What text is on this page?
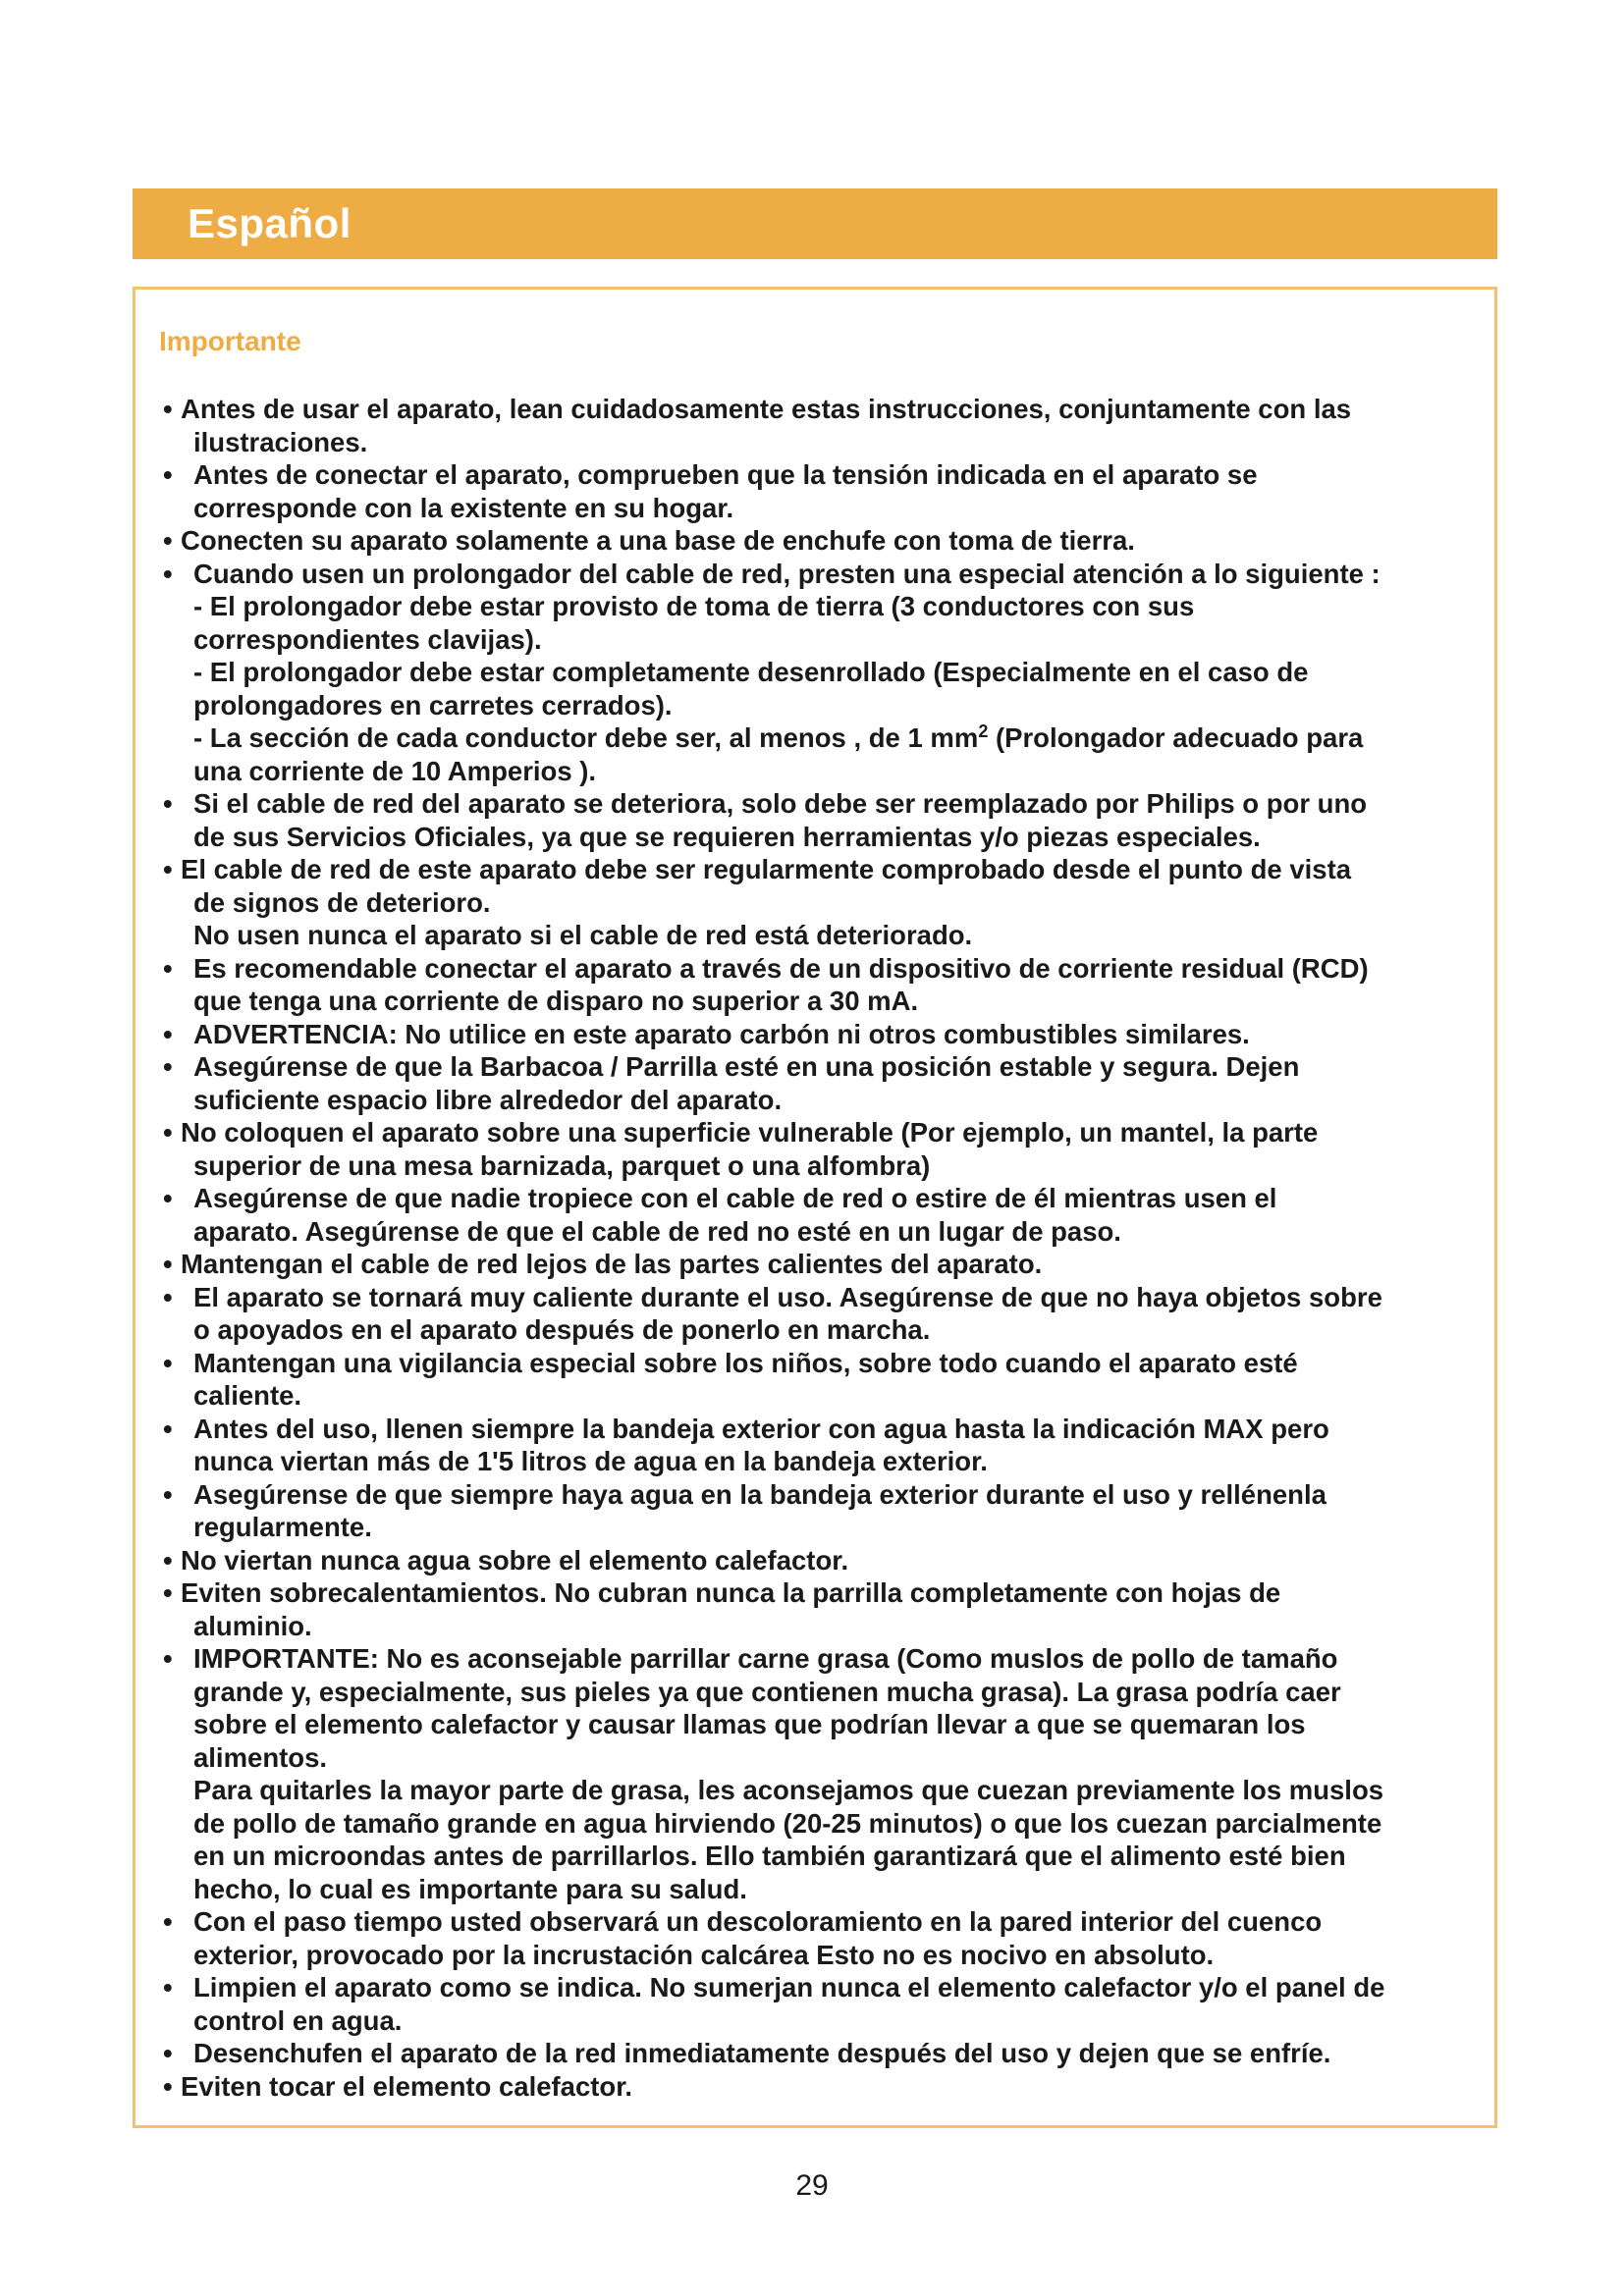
Español
Importante
• Antes de usar el aparato, lean cuidadosamente estas instrucciones, conjuntamente con las
ilustraciones.
• Antes de conectar el aparato, comprueben que la tensión indicada en el aparato se
corresponde con la existente en su hogar.
• Conecten su aparato solamente a una base de enchufe con toma de tierra.
• Cuando usen un prolongador del cable de red, presten una especial atención a lo siguiente :
- El prolongador debe estar provisto de toma de tierra (3 conductores con sus
correspondientes clavijas).
- El prolongador debe estar completamente desenrollado (Especialmente en el caso de
prolongadores en carretes cerrados).
- La sección de cada conductor debe ser, al menos , de 1 $mm^2$ (Prolongador adecuado para
una corriente de 10 Amperios ).
• Si el cable de red del aparato se deteriora, solo debe ser reemplazado por Philips o por uno
de sus Servicios Oficiales, ya que se requieren herramientas y/o piezas especiales.
• El cable de red de este aparato debe ser regularmente comprobado desde el punto de vista
de signos de deterioro.
No usen nunca el aparato si el cable de red está deteriorado.
• Es recomendable conectar el aparato a través de un dispositivo de corriente residual (RCD)
que tenga una corriente de disparo no superior a 30 mA.
• ADVERTENCIA: No utilice en este aparato carbón ni otros combustibles similares.
• Asegúrense de que la Barbacoa / Parrilla esté en una posición estable y segura. Dejen
suficiente espacio libre alrededor del aparato.
• No coloquen el aparato sobre una superficie vulnerable (Por ejemplo, un mantel, la parte
superior de una mesa barnizada, parquet o una alfombra)
• Asegúrense de que nadie tropiece con el cable de red o estire de él mientras usen el
aparato. Asegúrense de que el cable de red no esté en un lugar de paso.
• Mantengan el cable de red lejos de las partes calientes del aparato.
• El aparato se tornará muy caliente durante el uso. Asegúrense de que no haya objetos sobre
o apoyados en el aparato después de ponerlo en marcha.
• Mantengan una vigilancia especial sobre los niños, sobre todo cuando el aparato esté
caliente.
• Antes del uso, llenen siempre la bandeja exterior con agua hasta la indicación MAX pero
nunca viertan más de 1'5 litros de agua en la bandeja exterior.
• Asegúrense de que siempre haya agua en la bandeja exterior durante el uso y rellénenla
regularmente.
• No viertan nunca agua sobre el elemento calefactor.
• Eviten sobrecalentamientos. No cubran nunca la parrilla completamente con hojas de
aluminio.
• IMPORTANTE: No es aconsejable parrillar carne grasa (Como muslos de pollo de tamaño
grande y, especialmente, sus pieles ya que contienen mucha grasa). La grasa podría caer
sobre el elemento calefactor y causar llamas que podrían llevar a que se quemaran los
alimentos.
Para quitarles la mayor parte de grasa, les aconsejamos que cuezan previamente los muslos
de pollo de tamaño grande en agua hirviendo (20-25 minutos) o que los cuezan parcialmente
en un microondas antes de parrillarlos. Ello también garantizará que el alimento esté bien
hecho, lo cual es importante para su salud.
• Con el paso tiempo usted observará un descoloramiento en la pared interior del cuenco
exterior, provocado por la incrustación calcárea Esto no es nocivo en absoluto.
• Limpien el aparato como se indica. No sumerjan nunca el elemento calefactor y/o el panel de
control en agua.
• Desenchufen el aparato de la red inmediatamente después del uso y dejen que se enfríe.
• Eviten tocar el elemento calefactor.
29
